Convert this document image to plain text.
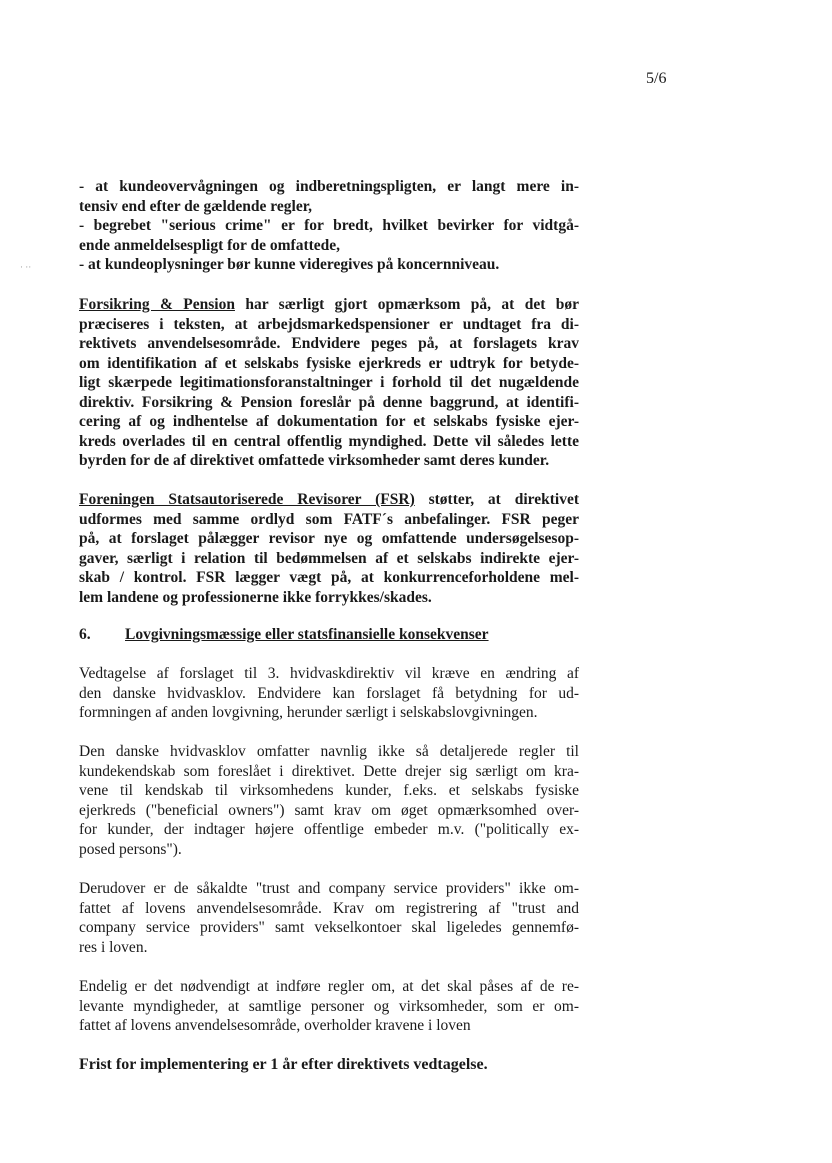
5/6
· ··
- at kundeovervågningen og indberetningspligten, er langt mere in-
tensiv end efter de gældende regler,
- begrebet "serious crime" er for bredt, hvilket bevirker for vidtgå-
ende anmeldelsespligt for de omfattede,
- at kundeoplysninger bør kunne videregives på koncernniveau.
Forsikring & Pension har særligt gjort opmærksom på, at det bør
præciseres i teksten, at arbejdsmarkedspensioner er undtaget fra di-
rektivets anvendelsesområde. Endvidere peges på, at forslagets krav
om identifikation af et selskabs fysiske ejerkreds er udtryk for betyde-
ligt skærpede legitimationsforanstaltninger i forhold til det nugældende
direktiv. Forsikring & Pension foreslår på denne baggrund, at identifi-
cering af og indhentelse af dokumentation for et selskabs fysiske ejer-
kreds overlades til en central offentlig myndighed. Dette vil således lette
byrden for de af direktivet omfattede virksomheder samt deres kunder.
Foreningen Statsautoriserede Revisorer (FSR) støtter, at direktivet
udformes med samme ordlyd som FATF´s anbefalinger. FSR peger
på, at forslaget pålægger revisor nye og omfattende undersøgelsesop-
gaver, særligt i relation til bedømmelsen af et selskabs indirekte ejer-
skab / kontrol. FSR lægger vægt på, at konkurrenceforholdene mel-
lem landene og professionerne ikke forrykkes/skades.
6. Lovgivningsmæssige eller statsfinansielle konsekvenser
Vedtagelse af forslaget til 3. hvidvaskdirektiv vil kræve en ændring af
den danske hvidvasklov. Endvidere kan forslaget få betydning for ud-
formningen af anden lovgivning, herunder særligt i selskabslovgivningen.
Den danske hvidvasklov omfatter navnlig ikke så detaljerede regler til
kundekendskab som foreslået i direktivet. Dette drejer sig særligt om kra-
vene til kendskab til virksomhedens kunder, f.eks. et selskabs fysiske
ejerkreds ("beneficial owners") samt krav om øget opmærksomhed over-
for kunder, der indtager højere offentlige embeder m.v. ("politically ex-
posed persons").
Derudover er de såkaldte "trust and company service providers" ikke om-
fattet af lovens anvendelsesområde. Krav om registrering af "trust and
company service providers" samt vekselkontoer skal ligeledes gennemfø-
res i loven.
Endelig er det nødvendigt at indføre regler om, at det skal påses af de re-
levante myndigheder, at samtlige personer og virksomheder, som er om-
fattet af lovens anvendelsesområde, overholder kravene i loven
Frist for implementering er 1 år efter direktivets vedtagelse.
